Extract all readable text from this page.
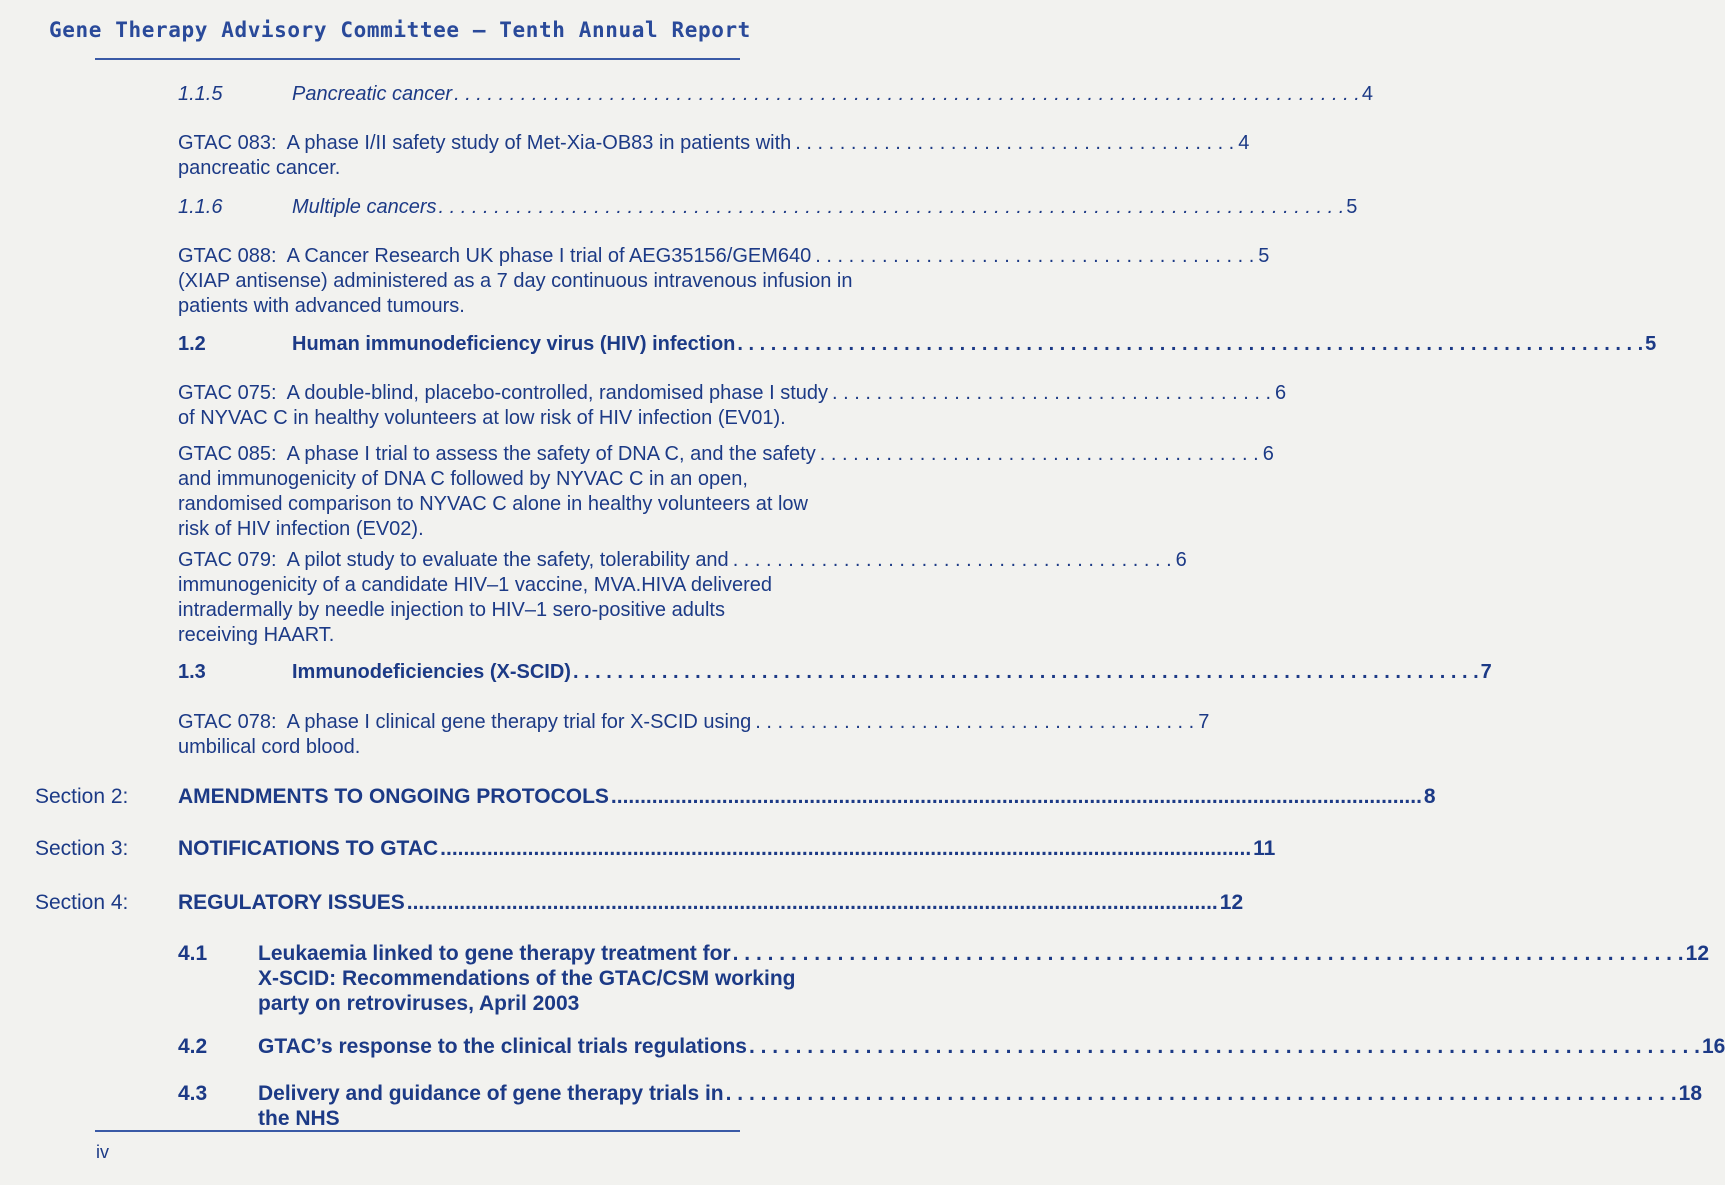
Gene Therapy Advisory Committee – Tenth Annual Report
1.1.5	Pancreatic cancer . . .	4
GTAC 083: A phase I/II safety study of Met-Xia-OB83 in patients with . . .	4
pancreatic cancer.
1.1.6	Multiple cancers . . .	5
GTAC 088: A Cancer Research UK phase I trial of AEG35156/GEM640 . . .	5
(XIAP antisense) administered as a 7 day continuous intravenous infusion in
patients with advanced tumours.
1.2	Human immunodeficiency virus (HIV) infection . . .	5
GTAC 075: A double-blind, placebo-controlled, randomised phase I study . . .	6
of NYVAC C in healthy volunteers at low risk of HIV infection (EV01).
GTAC 085: A phase I trial to assess the safety of DNA C, and the safety . . .	6
and immunogenicity of DNA C followed by NYVAC C in an open,
randomised comparison to NYVAC C alone in healthy volunteers at low
risk of HIV infection (EV02).
GTAC 079: A pilot study to evaluate the safety, tolerability and . . .	6
immunogenicity of a candidate HIV–1 vaccine, MVA.HIVA delivered
intradermally by needle injection to HIV–1 sero-positive adults
receiving HAART.
1.3	Immunodeficiencies (X-SCID) . . .	7
GTAC 078: A phase I clinical gene therapy trial for X-SCID using . . .	7
umbilical cord blood.
Section 2: AMENDMENTS TO ONGOING PROTOCOLS .....	8
Section 3: NOTIFICATIONS TO GTAC .....	11
Section 4: REGULATORY ISSUES .....	12
4.1	Leukaemia linked to gene therapy treatment for . . .	12
X-SCID: Recommendations of the GTAC/CSM working
party on retroviruses, April 2003
4.2	GTAC’s response to the clinical trials regulations . . .	16
4.3	Delivery and guidance of gene therapy trials in . . .	18
the NHS
iv
